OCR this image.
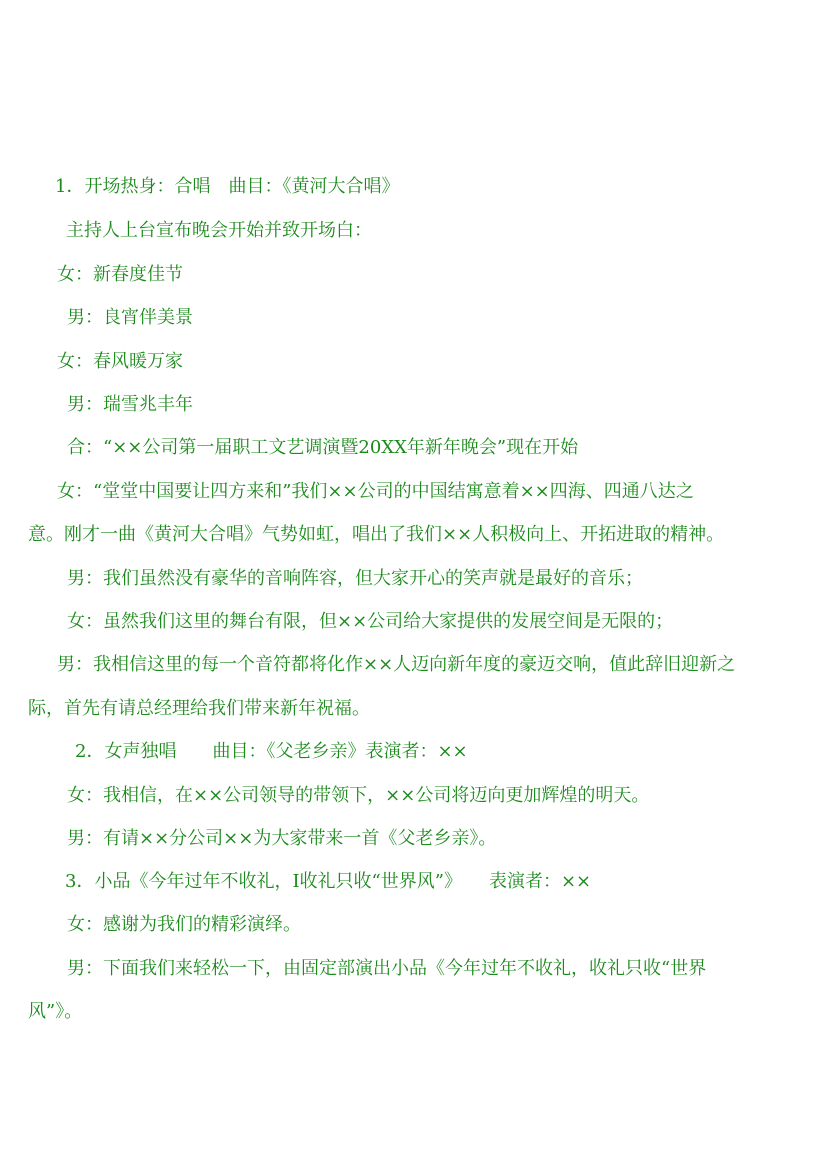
1．开场热身：合唱　曲目：《黄河大合唱》
主持人上台宣布晚会开始并致开场白：
女：新春度佳节
男：良宵伴美景
女：春风暖万家
男：瑞雪兆丰年
合：“××公司第一届职工文艺调演暨20XX年新年晚会”现在开始
女：“堂堂中国要让四方来和”我们××公司的中国结寓意着××四海、四通八达之
意。刚才一曲《黄河大合唱》气势如虹，唱出了我们××人积极向上、开拓进取的精神。
男：我们虽然没有豪华的音响阵容，但大家开心的笑声就是最好的音乐；
女：虽然我们这里的舞台有限，但××公司给大家提供的发展空间是无限的；
男：我相信这里的每一个音符都将化作××人迈向新年度的豪迈交响，值此辞旧迎新之
际，首先有请总经理给我们带来新年祝福。
2．女声独唱　　曲目：《父老乡亲》表演者：××
女：我相信，在××公司领导的带领下，××公司将迈向更加辉煌的明天。
男：有请××分公司××为大家带来一首《父老乡亲》。
3．小品《今年过年不收礼，I收礼只收“世界风”》　　表演者：××
女：感谢为我们的精彩演绎。
男：下面我们来轻松一下，由固定部演出小品《今年过年不收礼，收礼只收“世界
风”》。
